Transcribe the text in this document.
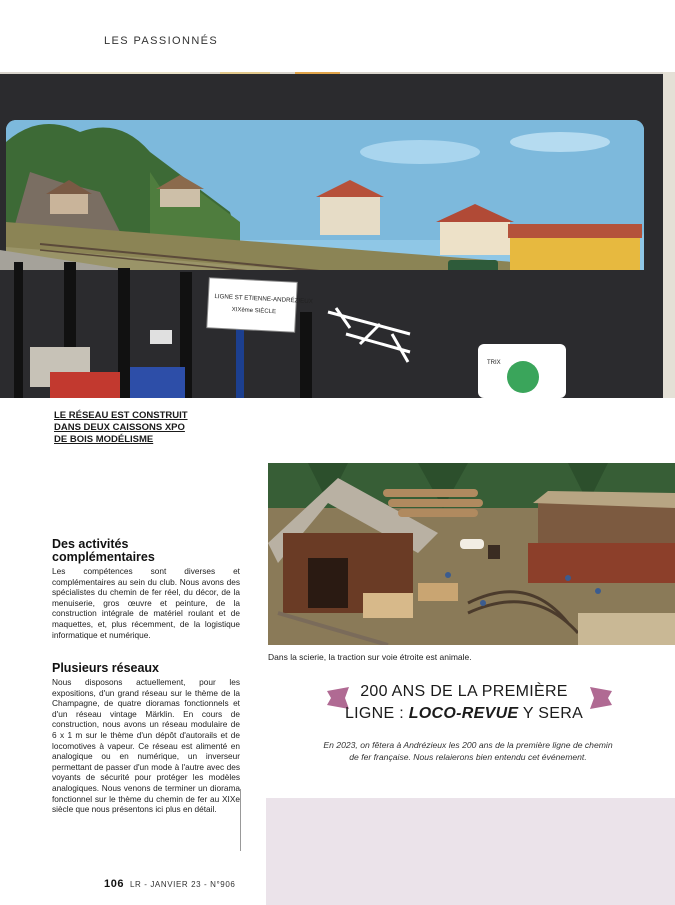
LES PASSIONNÉS
LIGNE ST ETIENNE-ANDRÉZIEUX
XIXème SIÈCLE
TRIX
LE RÉSEAU EST CONSTRUIT
DANS DEUX CAISSONS XPO
DE BOIS MODÉLISME
Dans la scierie, la traction sur voie étroite est animale.
Des activités
complémentaires
Les compétences sont diverses et complémentaires au sein du club. Nous avons des spécialistes du chemin de fer réel, du décor, de la menuiserie, gros œuvre et peinture, de la construction intégrale de matériel roulant et de maquettes, et, plus récemment, de la logistique informatique et numérique.
Plusieurs réseaux
Nous disposons actuellement, pour les expositions, d'un grand réseau sur le thème de la Champagne, de quatre dioramas fonctionnels et d'un réseau vintage Märklin. En cours de construction, nous avons un réseau modulaire de 6 x 1 m sur le thème d'un dépôt d'autorails et de locomotives à vapeur. Ce réseau est alimenté en analogique ou en numérique, un inverseur permettant de passer d'un mode à l'autre avec des voyants de sécurité pour protéger les modèles analogiques. Nous venons de terminer un diorama fonctionnel sur le thème du chemin de fer au XIXe siècle que nous présentons ici plus en détail.
200 ANS DE LA PREMIÈRE
LIGNE : LOCO-REVUE Y SERA
En 2023, on fêtera à Andrézieux les 200 ans de la première ligne de chemin de fer française. Nous relaierons bien entendu cet événement.
106 LR - JANVIER 23 - N°906
